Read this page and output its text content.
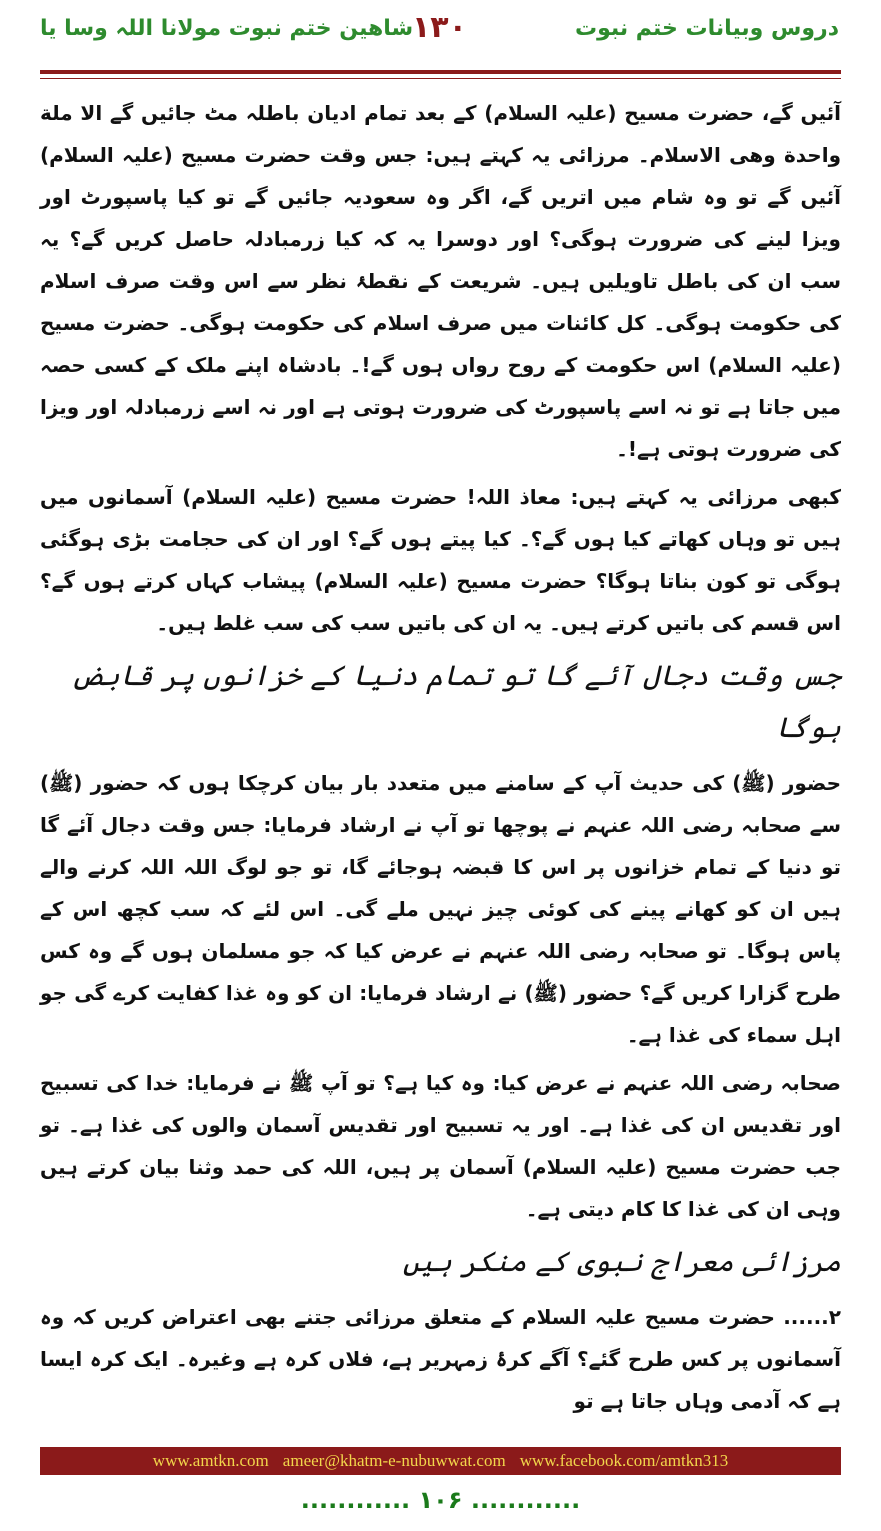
دروس وبیانات ختم نبوت
۱۳۰
شاهین ختم نبوت مولانا اللہ وسا یا

آئیں گے، حضرت مسیح (علیہ السلام) کے بعد تمام ادیان باطلہ مٹ جائیں گے الا ملة واحدة وھی الاسلام۔ مرزائی یہ کہتے ہیں: جس وقت حضرت مسیح (علیہ السلام) آئیں گے تو وہ شام میں اتریں گے، اگر وہ سعودیہ جائیں گے تو کیا پاسپورٹ اور ویزا لینے کی ضرورت ہوگی؟ اور دوسرا یہ کہ کیا زرمبادلہ حاصل کریں گے؟ یہ سب ان کی باطل تاویلیں ہیں۔ شریعت کے نقطۂ نظر سے اس وقت صرف اسلام کی حکومت ہوگی۔ کل کائنات میں صرف اسلام کی حکومت ہوگی۔ حضرت مسیح (علیہ السلام) اس حکومت کے روح رواں ہوں گے!۔ بادشاہ اپنے ملک کے کسی حصہ میں جاتا ہے تو نہ اسے پاسپورٹ کی ضرورت ہوتی ہے اور نہ اسے زرمبادلہ اور ویزا کی ضرورت ہوتی ہے!۔

کبھی مرزائی یہ کہتے ہیں: معاذ اللہ! حضرت مسیح (علیہ السلام) آسمانوں میں ہیں تو وہاں کھاتے کیا ہوں گے؟۔ کیا پیتے ہوں گے؟ اور ان کی حجامت بڑی ہوگئی ہوگی تو کون بناتا ہوگا؟ حضرت مسیح (علیہ السلام) پیشاب کہاں کرتے ہوں گے؟ اس قسم کی باتیں کرتے ہیں۔ یہ ان کی باتیں سب کی سب غلط ہیں۔

جس وقت دجال آئے گا تو تمام دنیا کے خزانوں پر قابض ہوگا

حضور (ﷺ) کی حدیث آپ کے سامنے میں متعدد بار بیان کرچکا ہوں کہ حضور (ﷺ) سے صحابہ رضی اللہ عنہم نے پوچھا تو آپ نے ارشاد فرمایا: جس وقت دجال آئے گا تو دنیا کے تمام خزانوں پر اس کا قبضہ ہوجائے گا، تو جو لوگ اللہ اللہ کرنے والے ہیں ان کو کھانے پینے کی کوئی چیز نہیں ملے گی۔ اس لئے کہ سب کچھ اس کے پاس ہوگا۔ تو صحابہ رضی اللہ عنہم نے عرض کیا کہ جو مسلمان ہوں گے وہ کس طرح گزارا کریں گے؟ حضور (ﷺ) نے ارشاد فرمایا: ان کو وہ غذا کفایت کرے گی جو اہل سماء کی غذا ہے۔

صحابہ رضی اللہ عنہم نے عرض کیا: وہ کیا ہے؟ تو آپ ﷺ نے فرمایا: خدا کی تسبیح اور تقدیس ان کی غذا ہے۔ اور یہ تسبیح اور تقدیس آسمان والوں کی غذا ہے۔ تو جب حضرت مسیح (علیہ السلام) آسمان پر ہیں، اللہ کی حمد وثنا بیان کرتے ہیں وہی ان کی غذا کا کام دیتی ہے۔

مرزائی معراج نبوی کے منکر ہیں

۲...... حضرت مسیح علیہ السلام کے متعلق مرزائی جتنے بھی اعتراض کریں کہ وہ آسمانوں پر کس طرح گئے؟ آگے کرۂ زمہریر ہے، فلاں کرہ ہے وغیرہ۔ ایک کرہ ایسا ہے کہ آدمی وہاں جاتا ہے تو

www.amtkn.com ameer@khatm-e-nubuwwat.com www.facebook.com/amtkn313
............ ۱۰۶ ............
